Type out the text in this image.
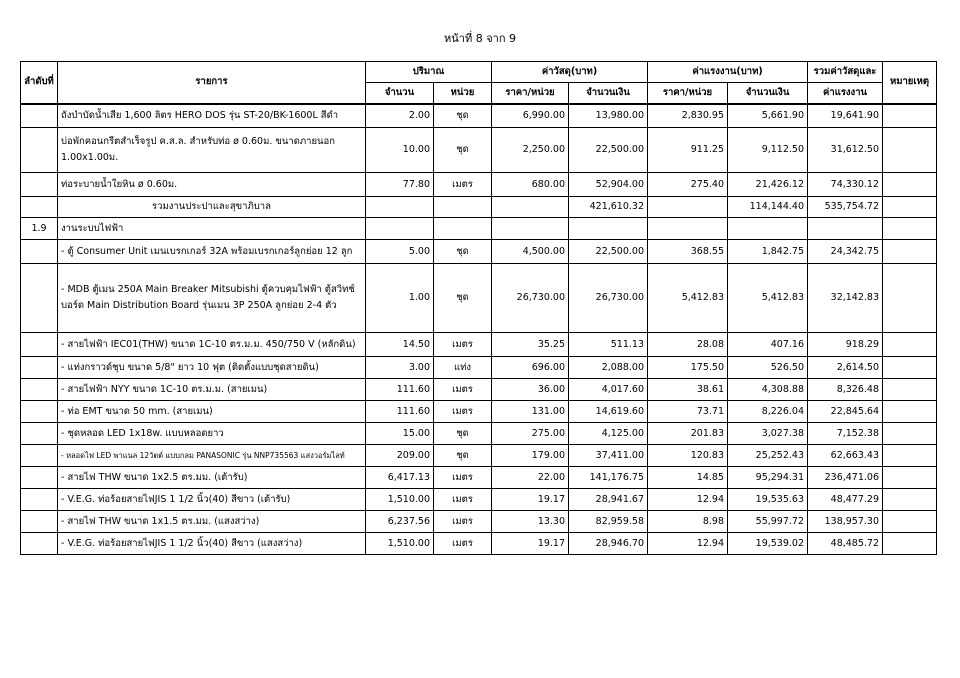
หน้าที่ 8 จาก 9
ลำดับที่	รายการ	ปริมาณ		ค่าวัสดุ(บาท)		ค่าแรงงาน(บาท)		รวมค่าวัสดุและ	หมายเหตุ
		จำนวน	หน่วย	ราคา/หน่วย	จำนวนเงิน	ราคา/หน่วย	จำนวนเงิน	ค่าแรงงาน	
	ถังบำบัดน้ำเสีย 1,600 ลิตร HERO DOS รุ่น ST-20/BK-1600L สีดำ	2.00	ชุด	6,990.00	13,980.00	2,830.95	5,661.90	19,641.90	
	บ่อพักคอนกรีตสำเร็จรูป ค.ส.ล. สำหรับท่อ ø 0.60ม. ขนาดภายนอก 1.00x1.00ม.	10.00	ชุด	2,250.00	22,500.00	911.25	9,112.50	31,612.50	
	ท่อระบายน้ำใยหิน ø 0.60ม.	77.80	เมตร	680.00	52,904.00	275.40	21,426.12	74,330.12	
	รวมงานประปาและสุขาภิบาล				421,610.32		114,144.40	535,754.72	
1.9	งานระบบไฟฟ้า								
	- ตู้ Consumer Unit เมนเบรกเกอร์ 32A พร้อมเบรกเกอร์ลูกย่อย 12 ลูก	5.00	ชุด	4,500.00	22,500.00	368.55	1,842.75	24,342.75	
	- MDB ตู้เมน 250A Main Breaker Mitsubishi ตู้ควบคุมไฟฟ้า ตู้สวิทช์บอร์ด Main Distribution Board รุ่นเมน 3P 250A ลูกย่อย 2-4 ตัว	1.00	ชุด	26,730.00	26,730.00	5,412.83	5,412.83	32,142.83	
	- สายไฟฟ้า IEC01(THW) ขนาด 1C-10 ตร.ม.ม. 450/750 V (หลักดิน)	14.50	เมตร	35.25	511.13	28.08	407.16	918.29	
	- แท่งกราวด์ชุบ ขนาด 5/8" ยาว 10 ฟุต (ติดตั้งแบบชุดสายดิน)	3.00	แท่ง	696.00	2,088.00	175.50	526.50	2,614.50	
	- สายไฟฟ้า NYY ขนาด 1C-10 ตร.ม.ม. (สายเมน)	111.60	เมตร	36.00	4,017.60	38.61	4,308.88	8,326.48	
	- ท่อ EMT ขนาด 50 mm. (สายเมน)	111.60	เมตร	131.00	14,619.60	73.71	8,226.04	22,845.64	
	- ชุดหลอด LED 1x18w. แบบหลอดยาว	15.00	ชุด	275.00	4,125.00	201.83	3,027.38	7,152.38	
	- หลอดไฟ LED พาแนล 12วัตต์ แบบกลม PANASONIC รุ่น NNP73556​3 แสงวอร์มไลท์	209.00	ชุด	179.00	37,411.00	120.83	25,252.43	62,663.43	
	- สายไฟ THW ขนาด 1x2.5 ตร.มม. (เต้ารับ)	6,417.13	เมตร	22.00	141,176.75	14.85	95,294.31	236,471.06	
	- V.E.G. ท่อร้อยสายไฟJIS 1 1/2 นิ้ว(40) สีขาว (เต้ารับ)	1,510.00	เมตร	19.17	28,941.67	12.94	19,535.63	48,477.29	
	- สายไฟ THW ขนาด 1x1.5 ตร.มม. (แสงสว่าง)	6,237.56	เมตร	13.30	82,959.58	8.98	55,997.72	138,957.30	
	- V.E.G. ท่อร้อยสายไฟJIS 1 1/2 นิ้ว(40) สีขาว (แสงสว่าง)	1,510.00	เมตร	19.17	28,946.70	12.94	19,539.02	48,485.72	
